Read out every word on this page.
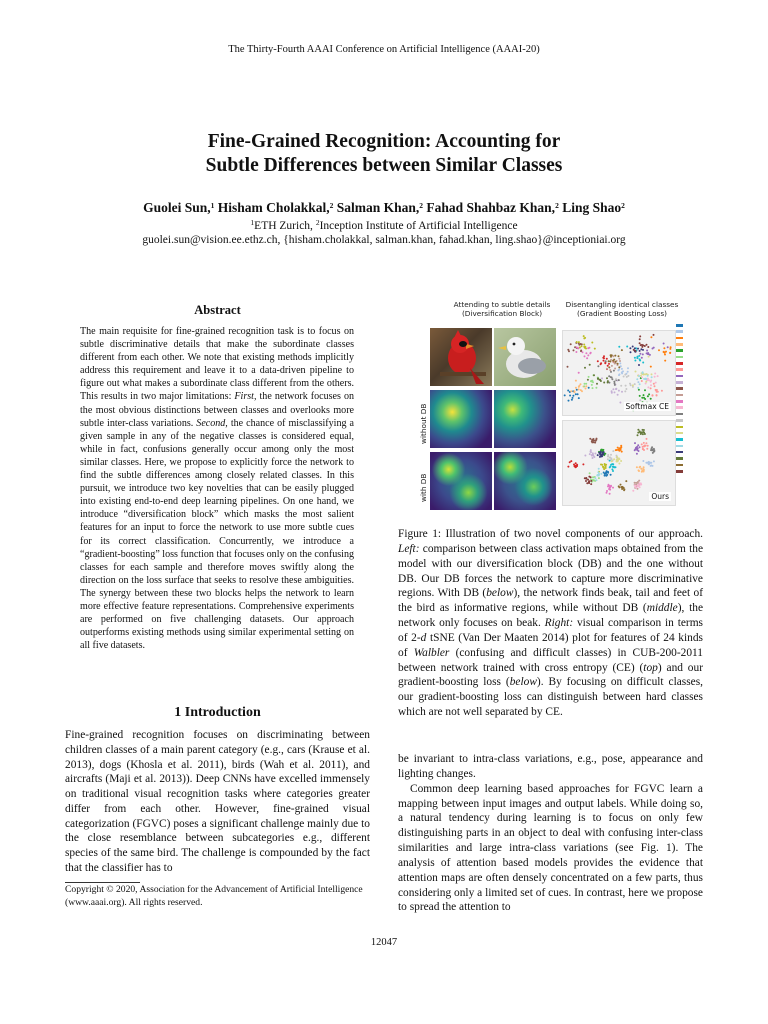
The Thirty-Fourth AAAI Conference on Artificial Intelligence (AAAI-20)
Fine-Grained Recognition: Accounting for
Subtle Differences between Similar Classes
Guolei Sun,$^1$ Hisham Cholakkal,$^2$ Salman Khan,$^2$ Fahad Shahbaz Khan,$^2$ Ling Shao$^2$
$^1$ETH Zurich, $^2$Inception Institute of Artificial Intelligence
guolei.sun@vision.ee.ethz.ch, {hisham.cholakkal, salman.khan, fahad.khan, ling.shao}@inceptioniai.org
Abstract
The main requisite for fine-grained recognition task is to focus on subtle discriminative details that make the subordinate classes different from each other. We note that existing methods implicitly address this requirement and leave it to a data-driven pipeline to figure out what makes a subordinate class different from the others. This results in two major limitations: First, the network focuses on the most obvious distinctions between classes and overlooks more subtle inter-class variations. Second, the chance of misclassifying a given sample in any of the negative classes is considered equal, while in fact, confusions generally occur among only the most similar classes. Here, we propose to explicitly force the network to find the subtle differences among closely related classes. In this pursuit, we introduce two key novelties that can be easily plugged into existing end-to-end deep learning pipelines. On one hand, we introduce “diversification block” which masks the most salient features for an input to force the network to use more subtle cues for its correct classification. Concurrently, we introduce a “gradient-boosting” loss function that focuses only on the confusing classes for each sample and therefore moves swiftly along the direction on the loss surface that seeks to resolve these ambiguities. The synergy between these two blocks helps the network to learn more effective feature representations. Comprehensive experiments are performed on five challenging datasets. Our approach outperforms existing methods using similar experimental setting on all five datasets.
1 Introduction
Fine-grained recognition focuses on discriminating between children classes of a main parent category (e.g., cars (Krause et al. 2013), dogs (Khosla et al. 2011), birds (Wah et al. 2011), and aircrafts (Maji et al. 2013)). Deep CNNs have excelled immensely on traditional visual recognition tasks where categories greater differ from each other. However, fine-grained visual categorization (FGVC) poses a significant challenge mainly due to the close resemblance between subcategories e.g., different species of the same bird. The challenge is compounded by the fact that the classifier has to
Copyright © 2020, Association for the Advancement of Artificial Intelligence (www.aaai.org). All rights reserved.
Attending to subtle details
(Diversification Block)
Disentangling identical classes
(Gradient Boosting Loss)
without DB
with DB
Softmax CE
Ours
Figure 1: Illustration of two novel components of our approach. Left: comparison between class activation maps obtained from the model with our diversification block (DB) and the one without DB. Our DB forces the network to capture more discriminative regions. With DB (below), the network finds beak, tail and feet of the bird as informative regions, while without DB (middle), the network only focuses on beak. Right: visual comparison in terms of 2-d tSNE (Van Der Maaten 2014) plot for features of 24 kinds of Walbler (confusing and difficult classes) in CUB-200-2011 between network trained with cross entropy (CE) (top) and our gradient-boosting loss (below). By focusing on difficult classes, our gradient-boosting loss can distinguish between hard classes which are not well separated by CE.

be invariant to intra-class variations, e.g., pose, appearance and lighting changes.

Common deep learning based approaches for FGVC learn a mapping between input images and output labels. While doing so, a natural tendency during learning is to focus on only few distinguishing parts in an object to deal with confusing inter-class similarities and large intra-class variations (see Fig. 1). The analysis of attention based models provides the evidence that attention maps are often densely concentrated on a few parts, thus considering only a limited set of cues. In contrast, here we propose to spread the attention to

12047
